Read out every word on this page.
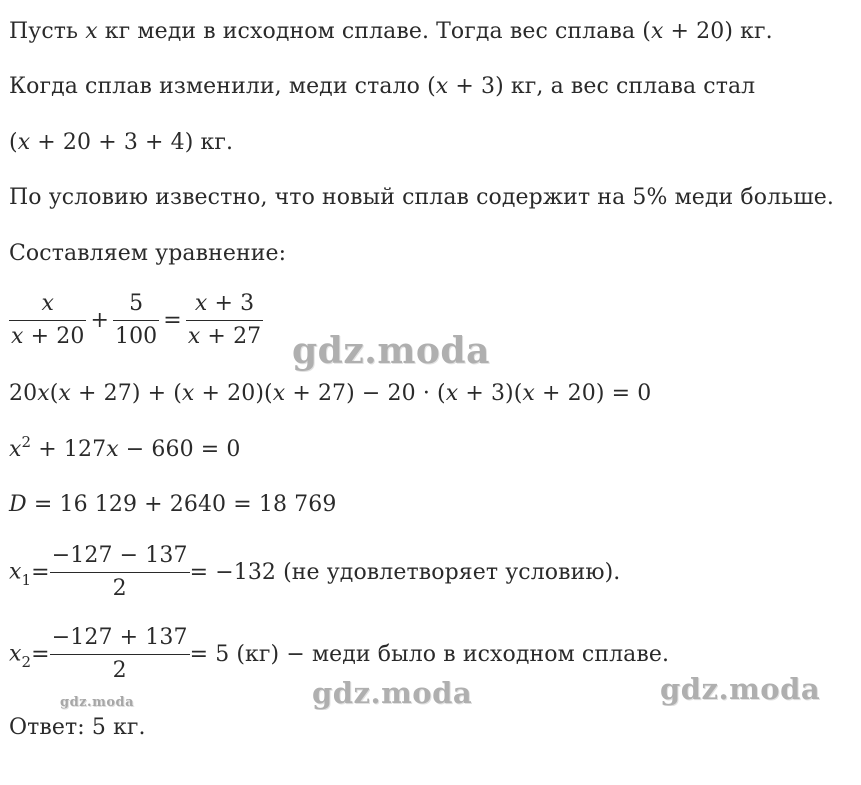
Пусть x кг меди в исходном сплаве. Тогда вес сплава (x + 20) кг.
Когда сплав изменили, меди стало (x + 3) кг, а вес сплава стал
(x + 20 + 3 + 4) кг.
По условию известно, что новый сплав содержит на 5% меди больше.
Составляем уравнение:
$\frac{x}{x + 20} + \frac{5}{100} = \frac{x + 3}{x + 27}$
20x(x + 27) + (x + 20)(x + 27) − 20 · (x + 3)(x + 20) = 0
$x^2 + 127x - 660 = 0$
D = 16 129 + 2640 = 18 769
$x_1= \frac{-127 - 137}{2} = -132$ (не удовлетворяет условию).
$x_2= \frac{-127 + 137}{2} = 5$ (кг) − меди было в исходном сплаве.
Ответ: 5 кг.
gdz.moda
gdz.moda	gdz.moda
gdz.moda
